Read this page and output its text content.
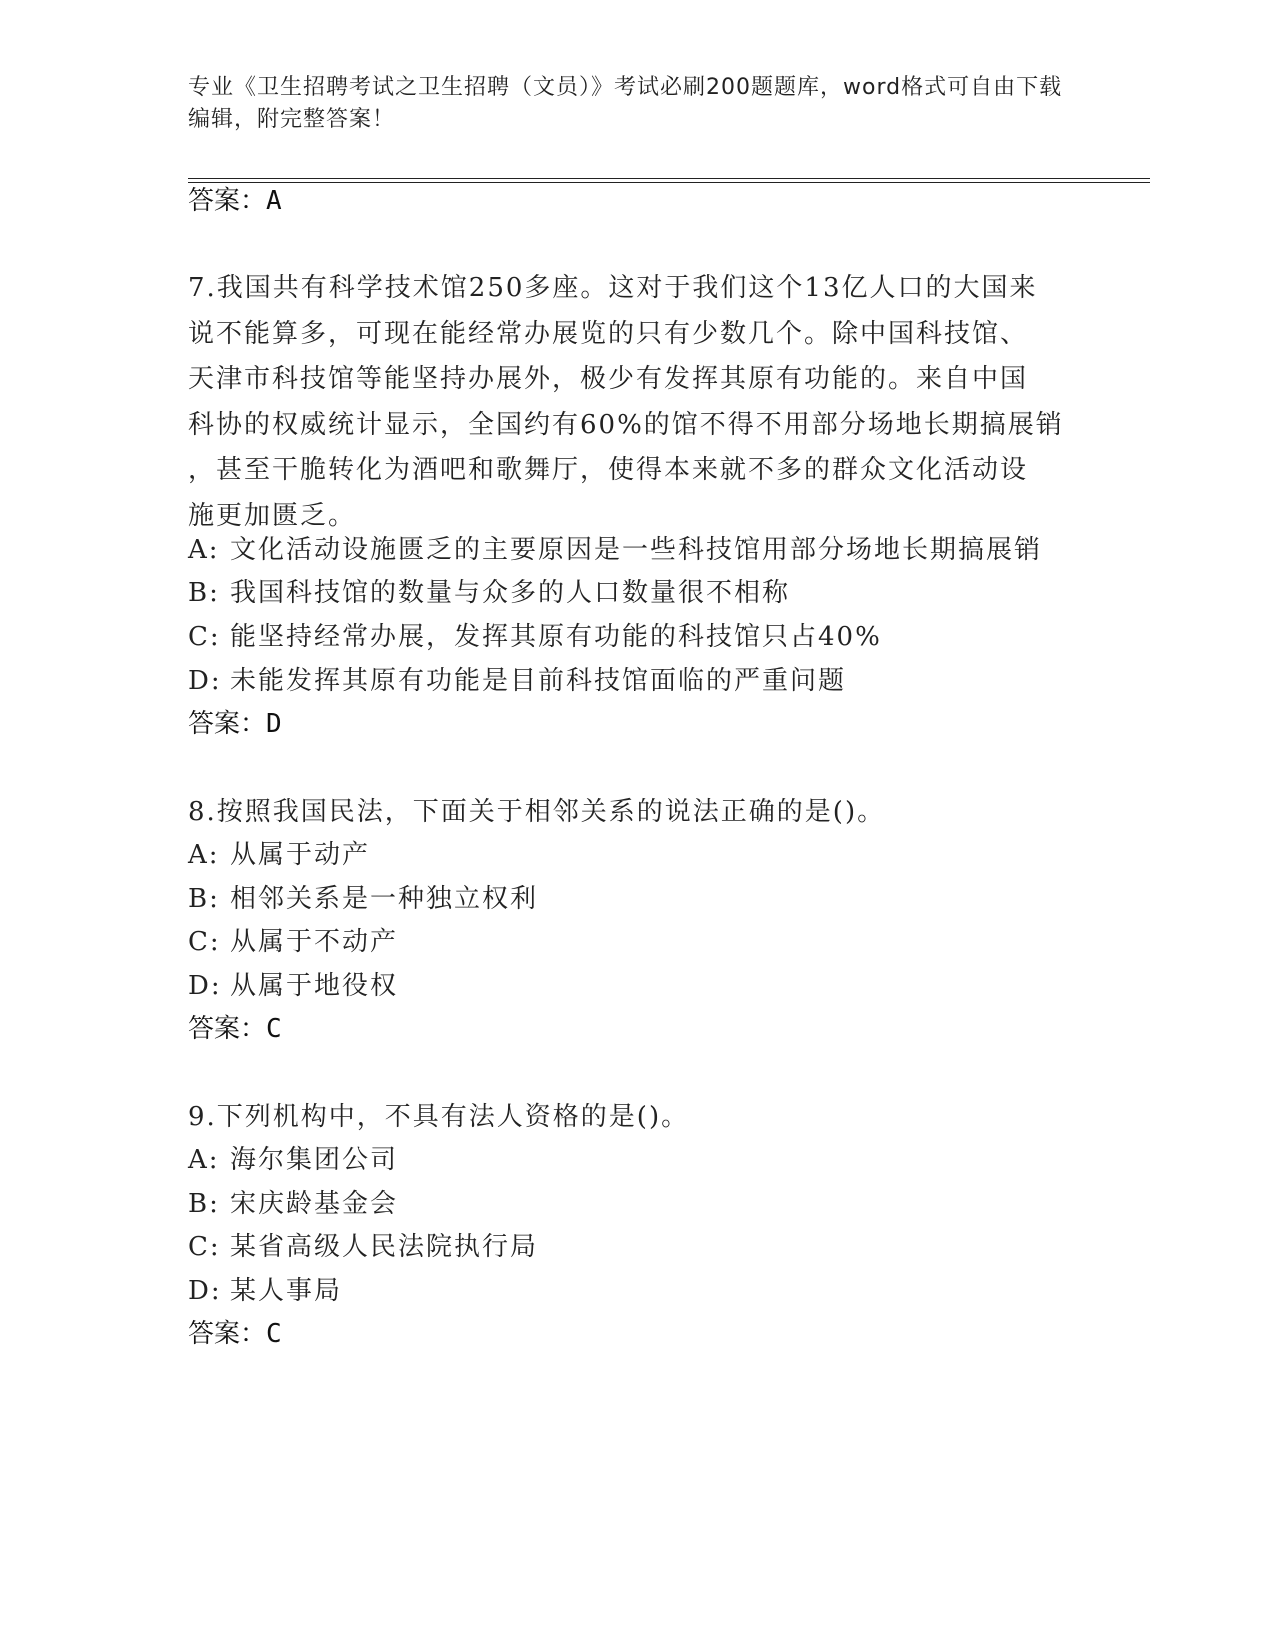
专业《卫生招聘考试之卫生招聘（文员）》考试必刷200题题库，word格式可自由下载编辑，附完整答案！
答案：A
7.我国共有科学技术馆250多座。这对于我们这个13亿人口的大国来
说不能算多，可现在能经常办展览的只有少数几个。除中国科技馆、
天津市科技馆等能坚持办展外，极少有发挥其原有功能的。来自中国
科协的权威统计显示，全国约有60%的馆不得不用部分场地长期搞展销
，甚至干脆转化为酒吧和歌舞厅，使得本来就不多的群众文化活动设
施更加匮乏。
A: 文化活动设施匮乏的主要原因是一些科技馆用部分场地长期搞展销
B: 我国科技馆的数量与众多的人口数量很不相称
C: 能坚持经常办展，发挥其原有功能的科技馆只占40%
D: 未能发挥其原有功能是目前科技馆面临的严重问题
答案：D
8.按照我国民法，下面关于相邻关系的说法正确的是()。
A: 从属于动产
B: 相邻关系是一种独立权利
C: 从属于不动产
D: 从属于地役权
答案：C
9.下列机构中，不具有法人资格的是()。
A: 海尔集团公司
B: 宋庆龄基金会
C: 某省高级人民法院执行局
D: 某人事局
答案：C
